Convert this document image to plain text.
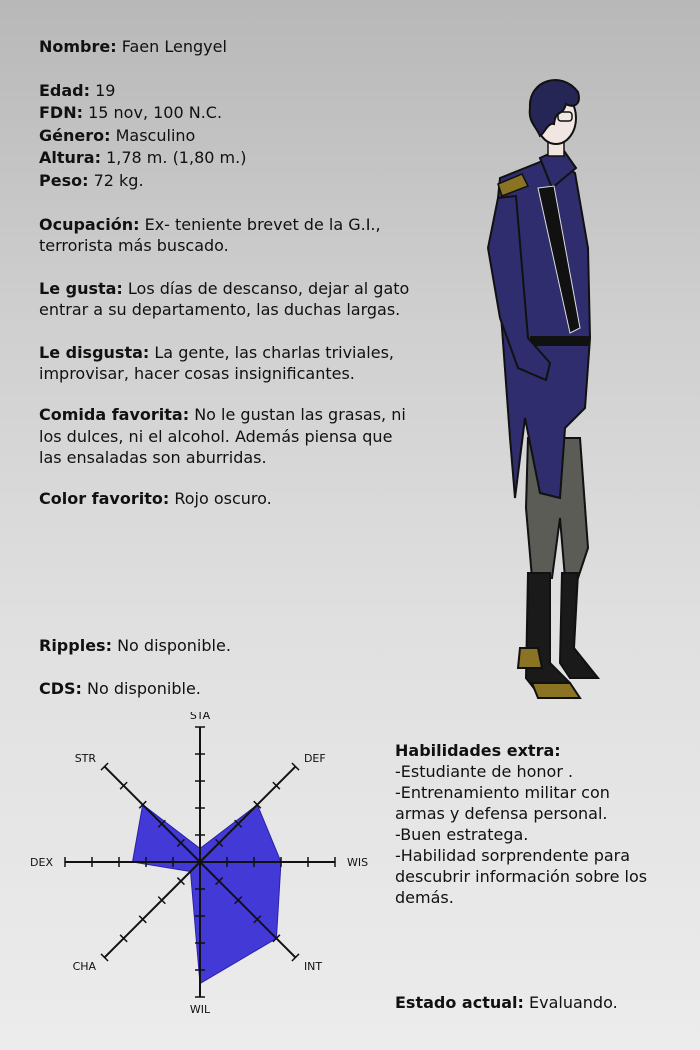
Nombre: Faen Lengyel
Edad: 19
FDN: 15 nov, 100 N.C.
Género: Masculino
Altura: 1,78 m. (1,80 m.)
Peso: 72 kg.
Ocupación: Ex- teniente brevet de la G.I.,
terrorista más buscado.
Le gusta: Los días de descanso, dejar al gato
entrar a su departamento, las duchas largas.
Le disgusta: La gente, las charlas triviales,
improvisar, hacer cosas insignificantes.
Comida favorita: No le gustan las grasas, ni
los dulces, ni el alcohol. Además piensa que
las ensaladas son aburridas.
Color favorito: Rojo oscuro.
Ripples: No disponible.
CDS: No disponible.
STA
DEF
WIS
INT
WIL
CHA
DEX
STR	Habilidades extra:
-Estudiante de honor .
-Entrenamiento militar con
armas y defensa personal.
-Buen estratega.
-Habilidad sorprendente para
descubrir información sobre los
demás.
Estado actual: Evaluando.
